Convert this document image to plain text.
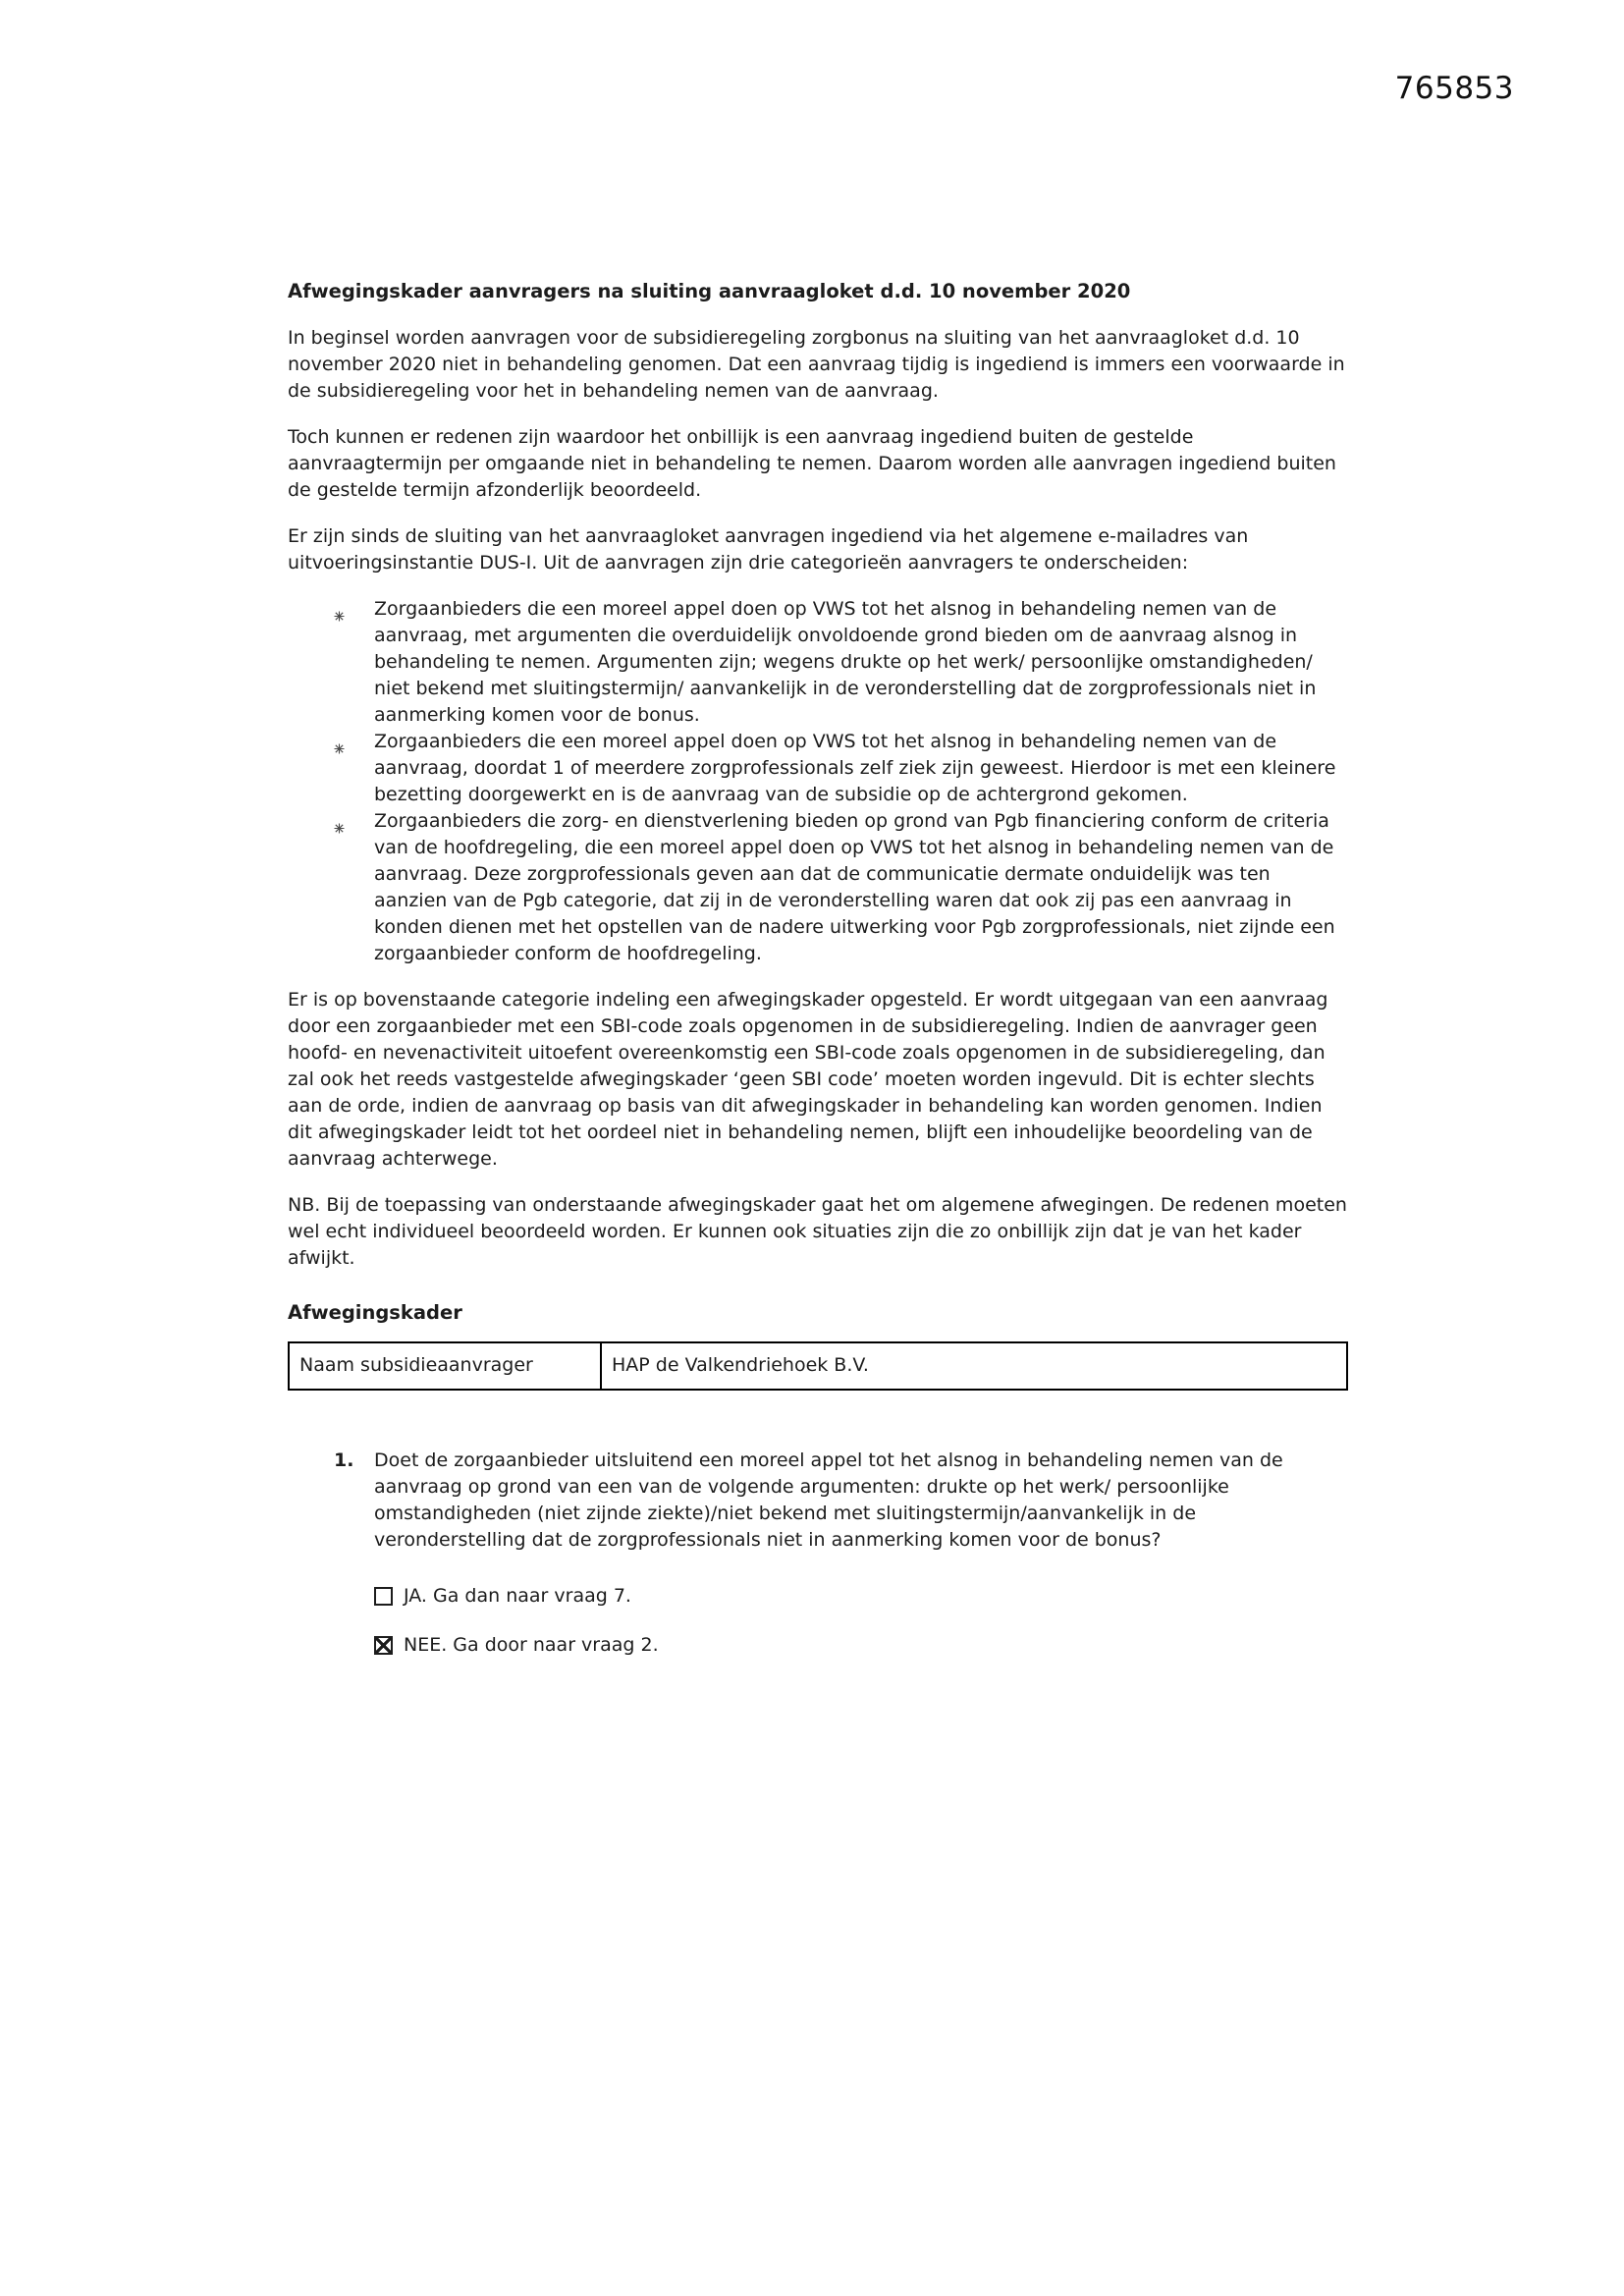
765853
Afwegingskader aanvragers na sluiting aanvraagloket d.d. 10 november 2020

In beginsel worden aanvragen voor de subsidieregeling zorgbonus na sluiting van het aanvraagloket d.d. 10 november 2020 niet in behandeling genomen. Dat een aanvraag tijdig is ingediend is immers een voorwaarde in de subsidieregeling voor het in behandeling nemen van de aanvraag.

Toch kunnen er redenen zijn waardoor het onbillijk is een aanvraag ingediend buiten de gestelde aanvraagtermijn per omgaande niet in behandeling te nemen. Daarom worden alle aanvragen ingediend buiten de gestelde termijn afzonderlijk beoordeeld.

Er zijn sinds de sluiting van het aanvraagloket aanvragen ingediend via het algemene e-mailadres van uitvoeringsinstantie DUS-I. Uit de aanvragen zijn drie categorieën aanvragers te onderscheiden:

Zorgaanbieders die een moreel appel doen op VWS tot het alsnog in behandeling nemen van de aanvraag, met argumenten die overduidelijk onvoldoende grond bieden om de aanvraag alsnog in behandeling te nemen. Argumenten zijn; wegens drukte op het werk/ persoonlijke omstandigheden/ niet bekend met sluitingstermijn/ aanvankelijk in de veronderstelling dat de zorgprofessionals niet in aanmerking komen voor de bonus.
Zorgaanbieders die een moreel appel doen op VWS tot het alsnog in behandeling nemen van de aanvraag, doordat 1 of meerdere zorgprofessionals zelf ziek zijn geweest. Hierdoor is met een kleinere bezetting doorgewerkt en is de aanvraag van de subsidie op de achtergrond gekomen.
Zorgaanbieders die zorg- en dienstverlening bieden op grond van Pgb financiering conform de criteria van de hoofdregeling, die een moreel appel doen op VWS tot het alsnog in behandeling nemen van de aanvraag. Deze zorgprofessionals geven aan dat de communicatie dermate onduidelijk was ten aanzien van de Pgb categorie, dat zij in de veronderstelling waren dat ook zij pas een aanvraag in konden dienen met het opstellen van de nadere uitwerking voor Pgb zorgprofessionals, niet zijnde een zorgaanbieder conform de hoofdregeling.

Er is op bovenstaande categorie indeling een afwegingskader opgesteld. Er wordt uitgegaan van een aanvraag door een zorgaanbieder met een SBI-code zoals opgenomen in de subsidieregeling. Indien de aanvrager geen hoofd- en nevenactiviteit uitoefent overeenkomstig een SBI-code zoals opgenomen in de subsidieregeling, dan zal ook het reeds vastgestelde afwegingskader ‘geen SBI code’ moeten worden ingevuld. Dit is echter slechts aan de orde, indien de aanvraag op basis van dit afwegingskader in behandeling kan worden genomen. Indien dit afwegingskader leidt tot het oordeel niet in behandeling nemen, blijft een inhoudelijke beoordeling van de aanvraag achterwege.

NB. Bij de toepassing van onderstaande afwegingskader gaat het om algemene afwegingen. De redenen moeten wel echt individueel beoordeeld worden. Er kunnen ook situaties zijn die zo onbillijk zijn dat je van het kader afwijkt.

Afwegingskader
Naam subsidieaanvrager	HAP de Valkendriehoek B.V.
1.	Doet de zorgaanbieder uitsluitend een moreel appel tot het alsnog in behandeling nemen van de aanvraag op grond van een van de volgende argumenten: drukte op het werk/ persoonlijke omstandigheden (niet zijnde ziekte)/niet bekend met sluitingstermijn/aanvankelijk in de veronderstelling dat de zorgprofessionals niet in aanmerking komen voor de bonus?
JA. Ga dan naar vraag 7.
NEE. Ga door naar vraag 2.
